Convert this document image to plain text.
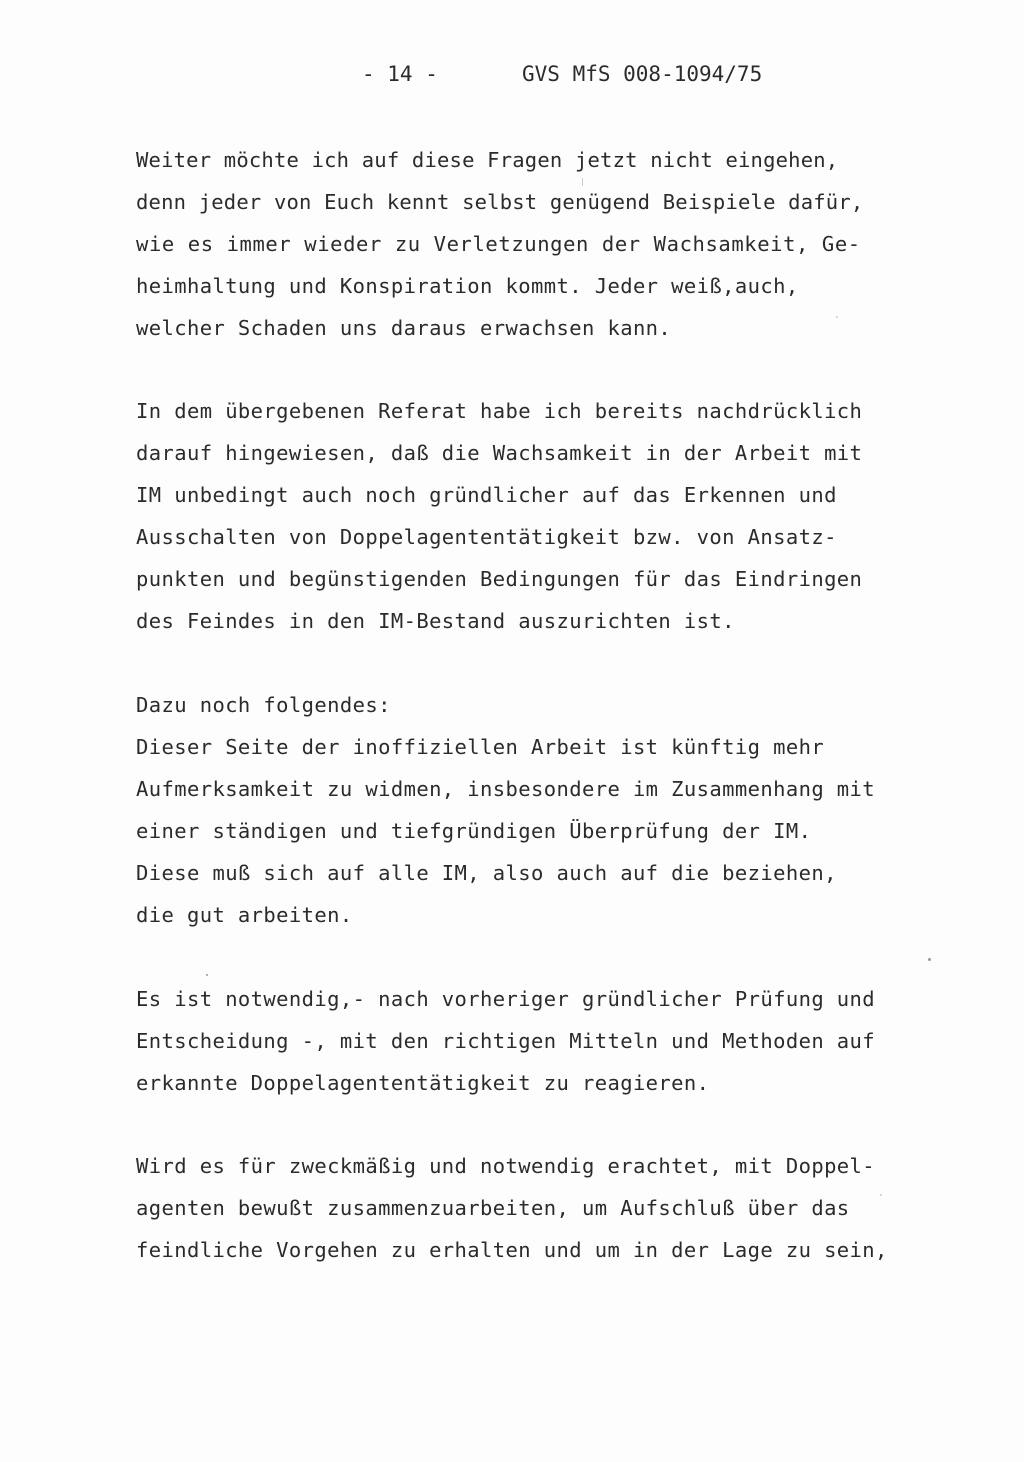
- 14 -	GVS MfS 008-1094/75
Weiter möchte ich auf diese Fragen jetzt nicht eingehen,
denn jeder von Euch kennt selbst genügend Beispiele dafür,
wie es immer wieder zu Verletzungen der Wachsamkeit, Ge-
heimhaltung und Konspiration kommt. Jeder weiß,auch,
welcher Schaden uns daraus erwachsen kann.
In dem übergebenen Referat habe ich bereits nachdrücklich
darauf hingewiesen, daß die Wachsamkeit in der Arbeit mit
IM unbedingt auch noch gründlicher auf das Erkennen und
Ausschalten von Doppelagententätigkeit bzw. von Ansatz-
punkten und begünstigenden Bedingungen für das Eindringen
des Feindes in den IM-Bestand auszurichten ist.
Dazu noch folgendes:
Dieser Seite der inoffiziellen Arbeit ist künftig mehr
Aufmerksamkeit zu widmen, insbesondere im Zusammenhang mit
einer ständigen und tiefgründigen Überprüfung der IM.
Diese muß sich auf alle IM, also auch auf die beziehen,
die gut arbeiten.
Es ist notwendig,- nach vorheriger gründlicher Prüfung und
Entscheidung -, mit den richtigen Mitteln und Methoden auf
erkannte Doppelagententätigkeit zu reagieren.
Wird es für zweckmäßig und notwendig erachtet, mit Doppel-
agenten bewußt zusammenzuarbeiten, um Aufschluß über das
feindliche Vorgehen zu erhalten und um in der Lage zu sein,
